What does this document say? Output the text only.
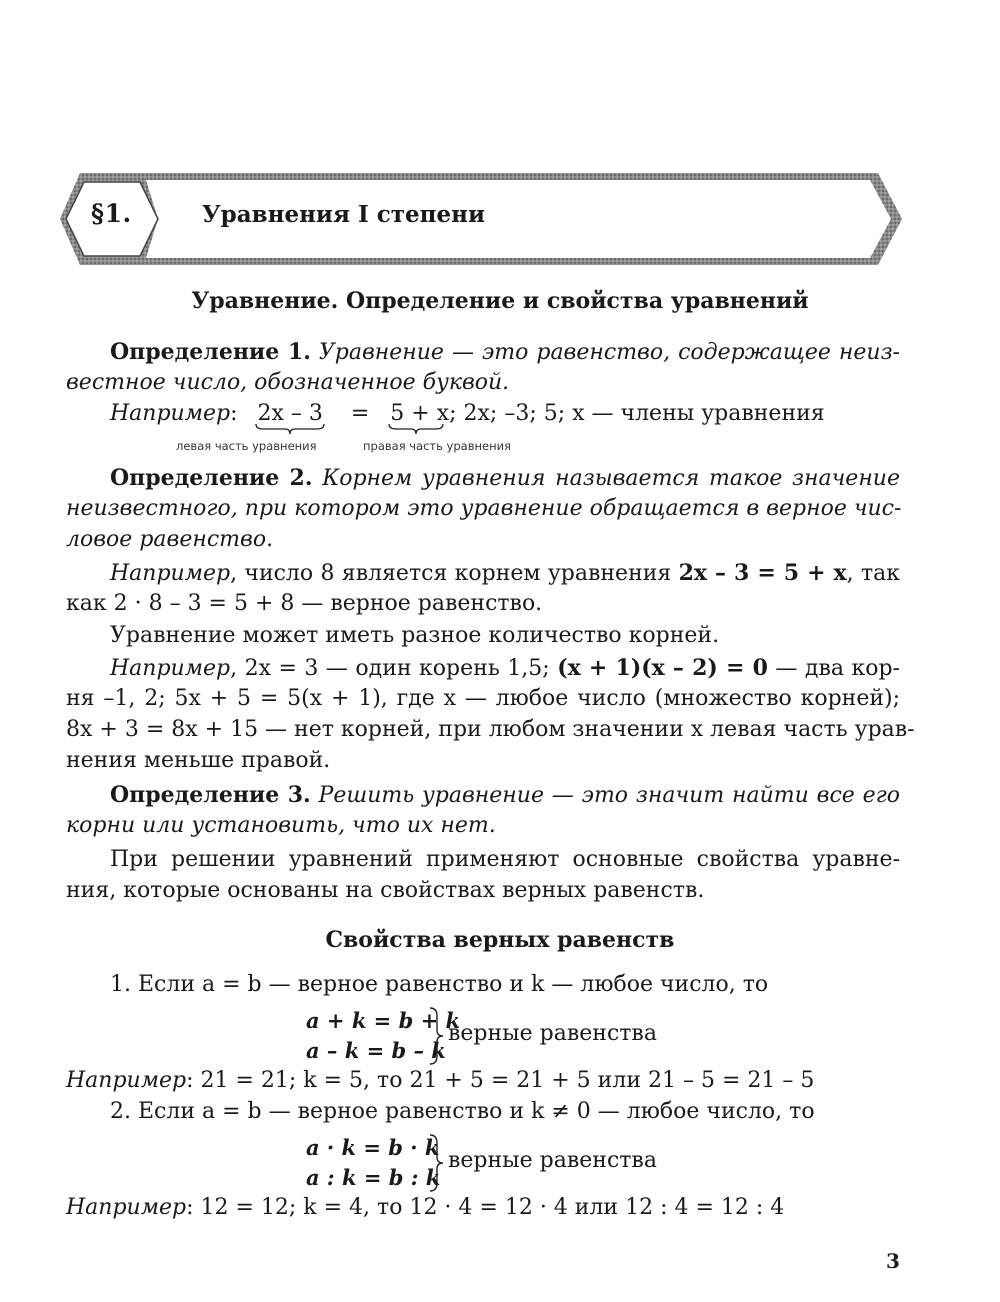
§1.	Уравнения I степени
Уравнение. Определение и свойства уравнений
Определение 1. Уравнение — это равенство, содержащее неиз-
вестное число, обозначенное буквой.
Например:  2x – 3 = 5 + x
; 2x; –3; 5; x — члены уравнения
левая часть уравнения	правая часть уравнения
Определение 2. Корнем уравнения называется такое значение
неизвестного, при котором это уравнение обращается в верное чис-
ловое равенство.
Например, число 8 является корнем уравнения 2x – 3 = 5 + x, так
как 2 · 8 – 3 = 5 + 8 — верное равенство.
Уравнение может иметь разное количество корней.
Например, 2x = 3 — один корень 1,5; (x + 1)(x – 2) = 0 — два кор-
ня –1, 2; 5x + 5 = 5(x + 1), где x — любое число (множество корней);
8x + 3 = 8x + 15 — нет корней, при любом значении x левая часть урав-
нения меньше правой.
Определение 3. Решить уравнение — это значит найти все его
корни или установить, что их нет.
При решении уравнений применяют основные свойства уравне-
ния, которые основаны на свойствах верных равенств.
Свойства верных равенств
1. Если a = b — верное равенство и k — любое число, то
a + k = b + k
a – k = b – k
верные равенства
Например: 21 = 21; k = 5, то 21 + 5 = 21 + 5 или 21 – 5 = 21 – 5
2. Если a = b — верное равенство и k ≠ 0 — любое число, то
a · k = b · k
a : k = b : k
верные равенства
Например: 12 = 12; k = 4, то 12 · 4 = 12 · 4 или 12 : 4 = 12 : 4
3
